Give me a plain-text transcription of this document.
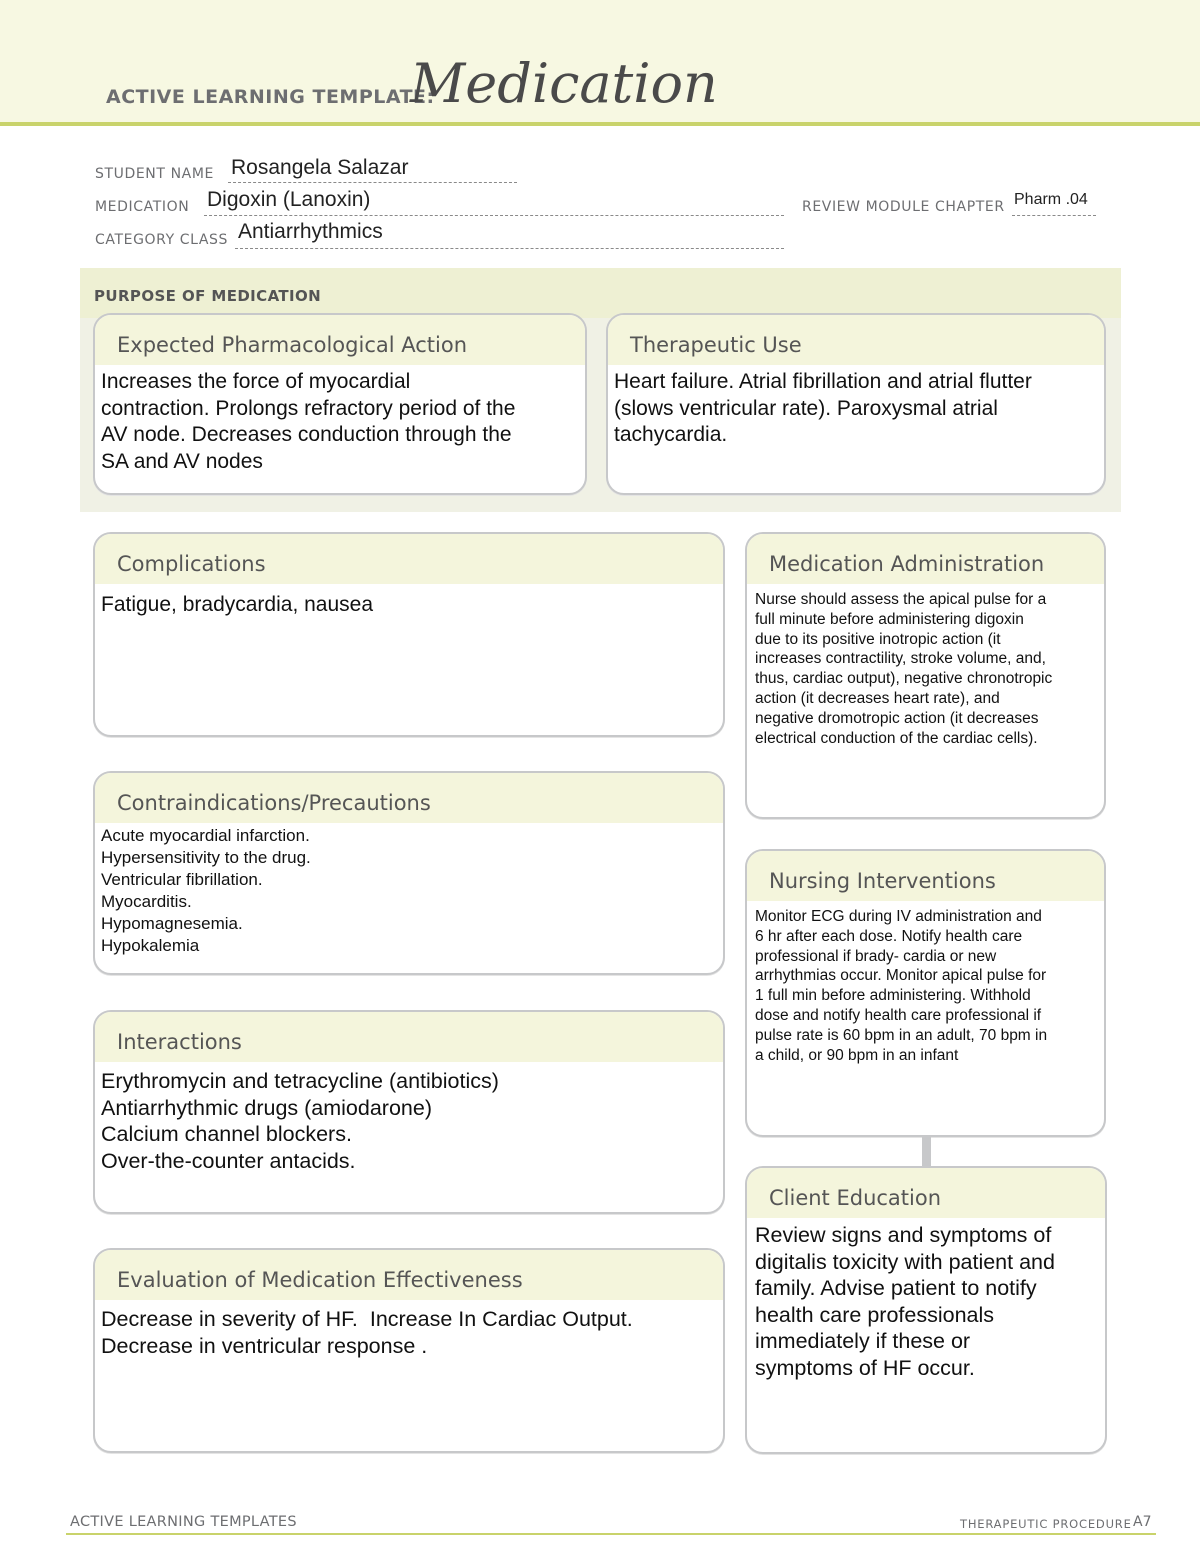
ACTIVE LEARNING TEMPLATE:
Medication
STUDENT NAME Rosangela Salazar
MEDICATION Digoxin (Lanoxin)	REVIEW MODULE CHAPTER Pharm .04
CATEGORY CLASS Antiarrhythmics
PURPOSE OF MEDICATION
Expected Pharmacological Action
Increases the force of myocardial
contraction. Prolongs refractory period of the
AV node. Decreases conduction through the
SA and AV nodes
Therapeutic Use
Heart failure. Atrial fibrillation and atrial flutter
(slows ventricular rate). Paroxysmal atrial
tachycardia.
Complications
Fatigue, bradycardia, nausea
Medication Administration
Nurse should assess the apical pulse for a
full minute before administering digoxin
due to its positive inotropic action (it
increases contractility, stroke volume, and,
thus, cardiac output), negative chronotropic
action (it decreases heart rate), and
negative dromotropic action (it decreases
electrical conduction of the cardiac cells).
Contraindications/Precautions
Acute myocardial infarction.
Hypersensitivity to the drug.
Ventricular fibrillation.
Myocarditis.
Hypomagnesemia.
Hypokalemia
Nursing Interventions
Monitor ECG during IV administration and
6 hr after each dose. Notify health care
professional if brady- cardia or new
arrhythmias occur. Monitor apical pulse for
1 full min before administering. Withhold
dose and notify health care professional if
pulse rate is 60 bpm in an adult, 70 bpm in
a child, or 90 bpm in an infant
Interactions
Erythromycin and tetracycline (antibiotics)
Antiarrhythmic drugs (amiodarone)
Calcium channel blockers.
Over-the-counter antacids.
Client Education
Review signs and symptoms of
digitalis toxicity with patient and
family. Advise patient to notify
health care professionals
immediately if these or
symptoms of HF occur.
Evaluation of Medication Effectiveness
Decrease in severity of HF.  Increase In Cardiac Output.
Decrease in ventricular response .
ACTIVE LEARNING TEMPLATES	THERAPEUTIC PROCEDURE A7
